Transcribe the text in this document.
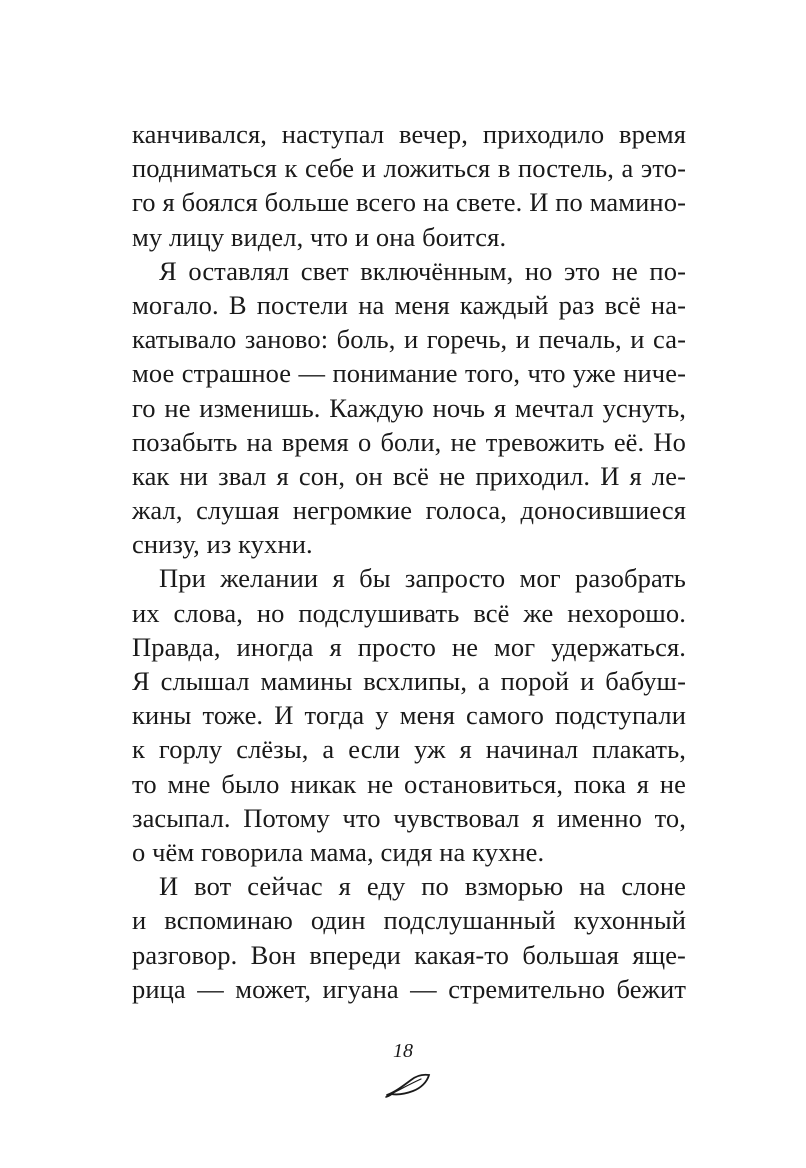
канчивался, наступал вечер, приходило время
подниматься к себе и ложиться в постель, а это-
го я боялся больше всего на свете. И по мамино-
му лицу видел, что и она боится.
Я оставлял свет включённым, но это не по-
могало. В постели на меня каждый раз всё на-
катывало заново: боль, и горечь, и печаль, и са-
мое страшное — понимание того, что уже ниче-
го не изменишь. Каждую ночь я мечтал уснуть,
позабыть на время о боли, не тревожить её. Но
как ни звал я сон, он всё не приходил. И я ле-
жал, слушая негромкие голоса, доносившиеся
снизу, из кухни.
При желании я бы запросто мог разобрать
их слова, но подслушивать всё же нехорошо.
Правда, иногда я просто не мог удержаться.
Я слышал мамины всхлипы, а порой и бабуш-
кины тоже. И тогда у меня самого подступали
к горлу слёзы, а если уж я начинал плакать,
то мне было никак не остановиться, пока я не
засыпал. Потому что чувствовал я именно то,
о чём говорила мама, сидя на кухне.
И вот сейчас я еду по взморью на слоне
и вспоминаю один подслушанный кухонный
разговор. Вон впереди какая-то большая яще-
рица — может, игуана — стремительно бежит
18
